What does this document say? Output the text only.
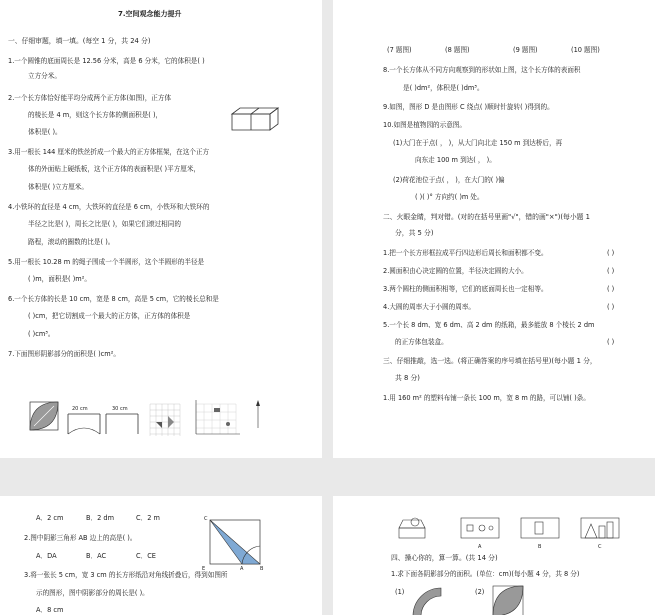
7.空间观念能力提升
一、仔细审题，填一填。(每空 1 分，共 24 分)
1.一个圆锥的底面周长是 12.56 分米，高是 6 分米，它的体积是( )
立方分米。
2.一个长方体恰好能平均分成两个正方体(如图)，正方体
的棱长是 4 m，则这个长方体的侧面积是( )，
体积是( )。
3.用一根长 144 厘米的铁丝折成一个最大的正方体框架，在这个正方
体的外面贴上硬纸板，这个正方体的表面积是( )平方厘米，
体积是( )立方厘米。
4.小铁环的直径是 4 cm，大铁环的直径是 6 cm，小铁环和大铁环的
半径之比是( )，周长之比是( )，如果它们滚过相同的
路程，滚动的圈数的比是( )。
5.用一根长 10.28 m 的绳子围成一个半圆形，这个半圆形的半径是
( )m，面积是( )m²。
6.一个长方体的长是 10 cm，宽是 8 cm，高是 5 cm，它的棱长总和是
( )cm，把它切割成一个最大的正方体，正方体的体积是
( )cm³。
7.下面图形阴影部分的面积是( )cm²。
20 cm	30 cm
(7 题图)	(8 题图)	(9 题图)	(10 题图)
8.一个长方体从不同方向观察到的形状如上图，这个长方体的表面积
是( )dm²，体积是( )dm³。
9.如图，图形 D 是由图形 C 绕点( )顺时针旋转( )得到的。
10.如图是植物园的示意图。
(1)大门在于点( ， )，从大门向北走 150 m 到达桥后，再
向东走 100 m 到达( ， )。
(2)荷花池位于点( ， )，在大门的( )偏
( )( )° 方向约( )m 处。
二、火眼金睛，判对错。(对的在括号里画"√"，错的画"×")(每小题 1
分，共 5 分)
1.把一个长方形框拉成平行四边形后周长和面积都不变。	( )
2.圆面积由心决定圆的位置，半径决定圆的大小。	( )
3.两个圆柱的侧面积相等，它们的底面周长也一定相等。	( )
4.大圆的周率大于小圆的周率。	( )
5.一个长 8 dm、宽 6 dm、高 2 dm 的纸箱，最多能放 8 个棱长 2 dm
的正方体包装盒。	( )
三、仔细推敲，选一选。(将正确答案的序号填在括号里)(每小题 1 分，
共 8 分)
1.用 160 m² 的塑料布铺一条长 100 m，宽 8 m 的路，可以铺( )条。
A．2 cm	B．2 dm	C．2 m
2.图中阴影三角形 AB 边上的高是( )。
A．DA	B．AC	C．CE
3.将一张长 5 cm，宽 3 cm 的长方形纸沿对角线折叠后，得到如图所
示的图形，图中阴影部分的周长是( )。
A．8 cm
C
E	A	B
A	B	C
四、操心你的，算一算。(共 14 分)
1.求下面各阴影部分的面积。(单位：cm)(每小题 4 分，共 8 分)
(1)	(2)
